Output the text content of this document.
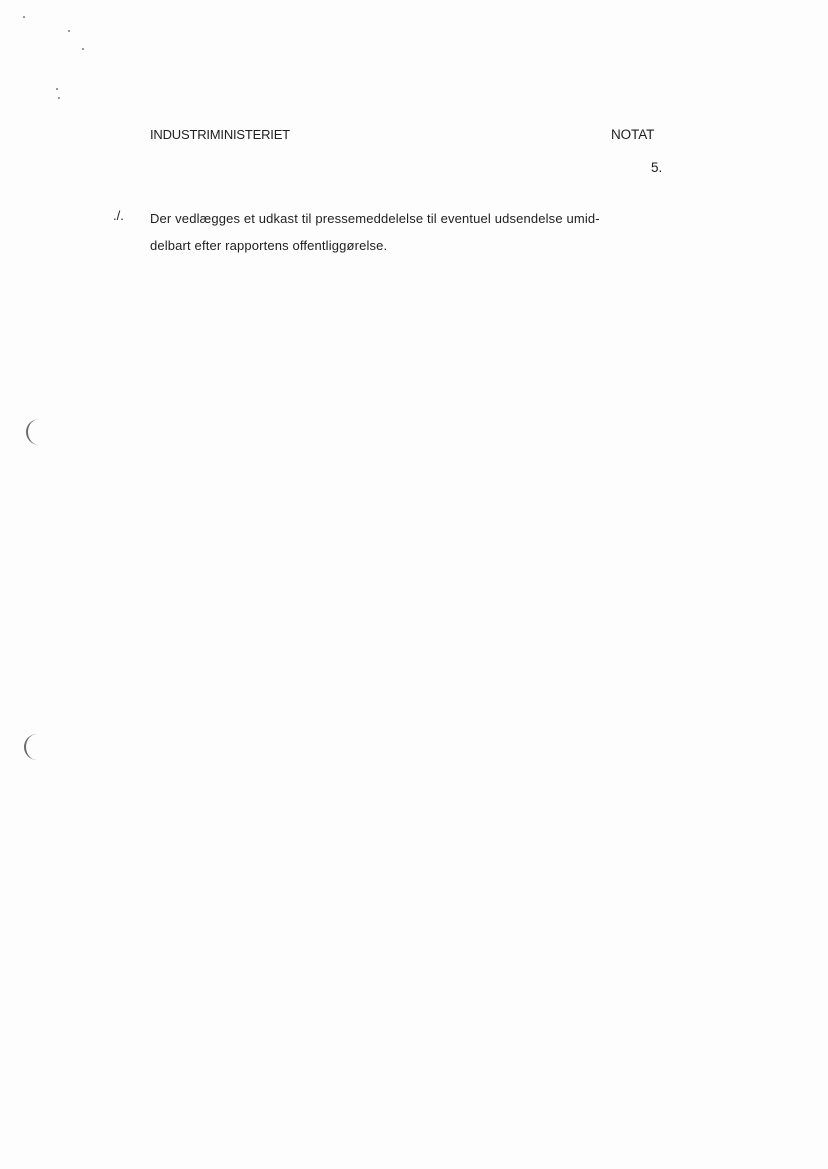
INDUSTRIMINISTERIET	NOTAT
5.
./. Der vedlægges et udkast til pressemeddelelse til eventuel udsendelse umid-
delbart efter rapportens offentliggørelse.
